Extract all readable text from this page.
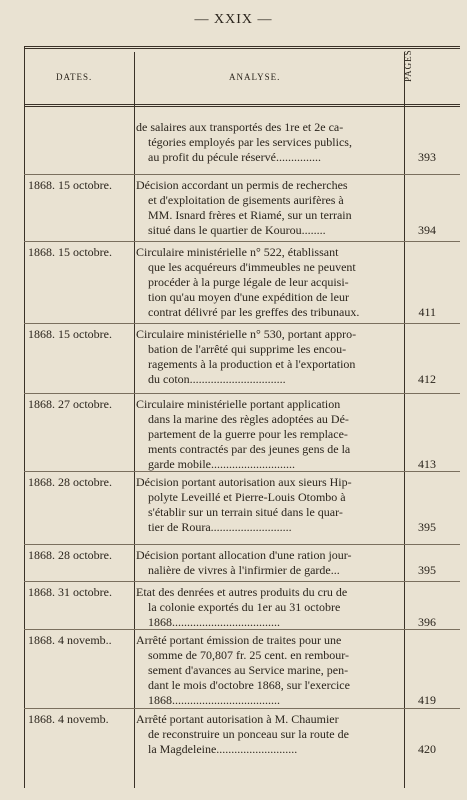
— XXIX —
DATES.	ANALYSE.	PAGES
de salaires aux transportés des 1re et 2e ca-
tégories employés par les services publics,
au profit du pécule réservé...............	393
1868. 15 octobre.	Décision accordant un permis de recherches
et d'exploitation de gisements aurifères à
MM. Isnard frères et Riamé, sur un terrain
situé dans le quartier de Kourou........	394
1868. 15 octobre.	Circulaire ministérielle n° 522, établissant
que les acquéreurs d'immeubles ne peuvent
procéder à la purge légale de leur acquisi-
tion qu'au moyen d'une expédition de leur
contrat délivré par les greffes des tribunaux.	411
1868. 15 octobre.	Circulaire ministérielle n° 530, portant appro-
bation de l'arrêté qui supprime les encou-
ragements à la production et à l'exportation
du coton................................	412
1868. 27 octobre.	Circulaire ministérielle portant application
dans la marine des règles adoptées au Dé-
partement de la guerre pour les remplace-
ments contractés par des jeunes gens de la
garde mobile............................	413
1868. 28 octobre.	Décision portant autorisation aux sieurs Hip-
polyte Leveillé et Pierre-Louis Otombo à
s'établir sur un terrain situé dans le quar-
tier de Roura...........................	395
1868. 28 octobre.	Décision portant allocation d'une ration jour-
nalière de vivres à l'infirmier de garde...	395
1868. 31 octobre.	Etat des denrées et autres produits du cru de
la colonie exportés du 1er au 31 octobre
1868....................................	396
1868. 4 novemb..	Arrêté portant émission de traites pour une
somme de 70,807 fr. 25 cent. en rembour-
sement d'avances au Service marine, pen-
dant le mois d'octobre 1868, sur l'exercice
1868....................................	419
1868. 4 novemb.	Arrêté portant autorisation à M. Chaumier
de reconstruire un ponceau sur la route de
la Magdeleine...........................	420
